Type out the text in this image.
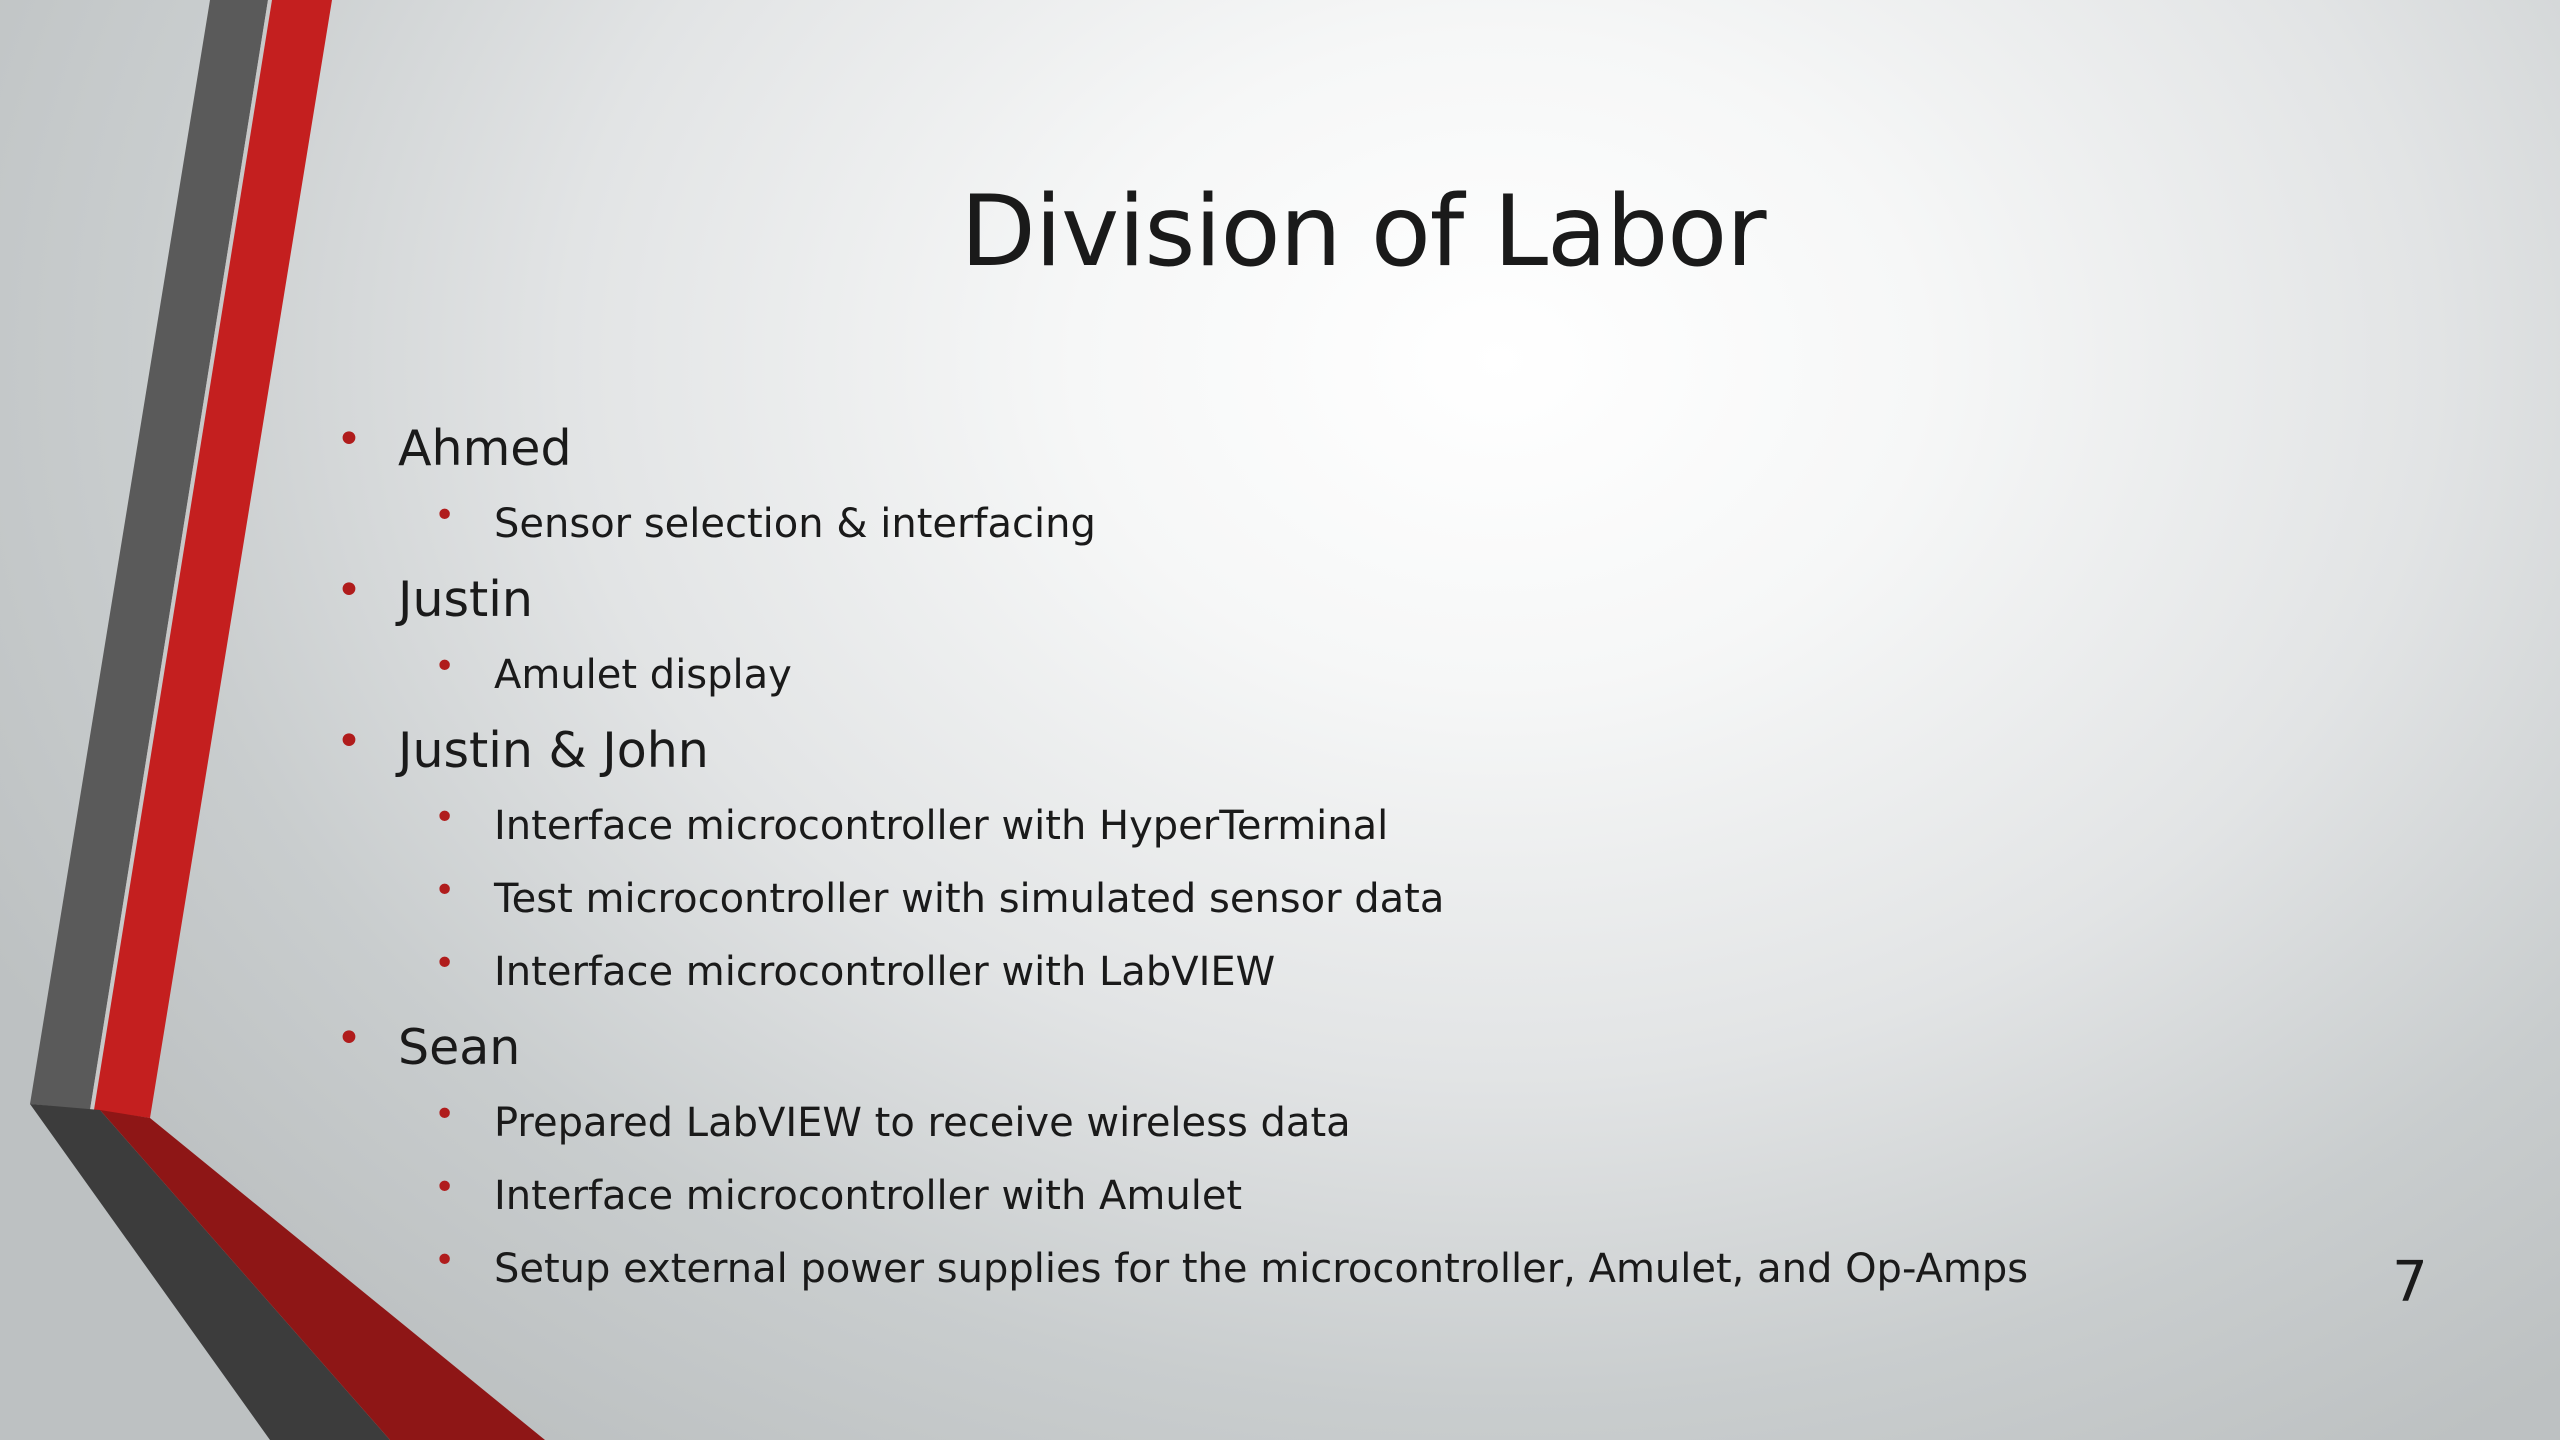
Division of Labor
• Ahmed
• Sensor selection & interfacing
• Justin
• Amulet display
• Justin & John
• Interface microcontroller with HyperTerminal
• Test microcontroller with simulated sensor data
• Interface microcontroller with LabVIEW
• Sean
• Prepared LabVIEW to receive wireless data
• Interface microcontroller with Amulet
• Setup external power supplies for the microcontroller, Amulet, and Op-Amps	7
